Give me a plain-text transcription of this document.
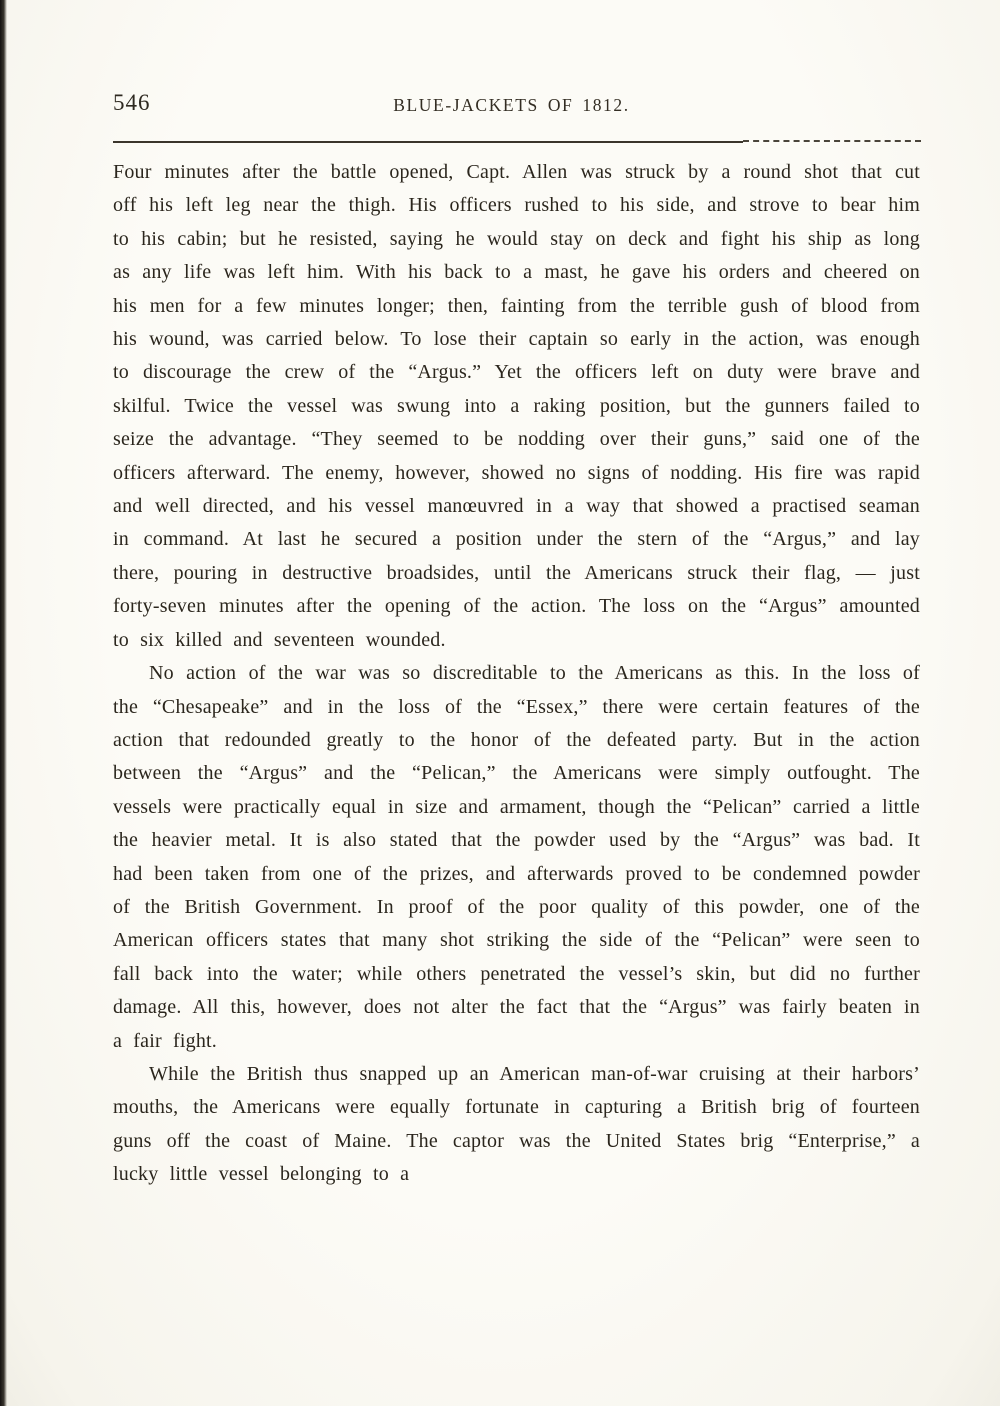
546	BLUE-JACKETS OF 1812.

Four minutes after the battle opened, Capt. Allen was struck by a round shot that cut off his left leg near the thigh. His officers rushed to his side, and strove to bear him to his cabin; but he resisted, saying he would stay on deck and fight his ship as long as any life was left him. With his back to a mast, he gave his orders and cheered on his men for a few minutes longer; then, fainting from the terrible gush of blood from his wound, was carried below. To lose their captain so early in the action, was enough to discourage the crew of the “Argus.” Yet the officers left on duty were brave and skilful. Twice the vessel was swung into a raking position, but the gunners failed to seize the advantage. “They seemed to be nodding over their guns,” said one of the officers afterward. The enemy, however, showed no signs of nodding. His fire was rapid and well directed, and his vessel manœuvred in a way that showed a practised seaman in command. At last he secured a position under the stern of the “Argus,” and lay there, pouring in destructive broadsides, until the Americans struck their flag, — just forty-seven minutes after the opening of the action. The loss on the “Argus” amounted to six killed and seventeen wounded.

No action of the war was so discreditable to the Americans as this. In the loss of the “Chesapeake” and in the loss of the “Essex,” there were certain features of the action that redounded greatly to the honor of the defeated party. But in the action between the “Argus” and the “Pelican,” the Americans were simply outfought. The vessels were practically equal in size and armament, though the “Pelican” carried a little the heavier metal. It is also stated that the powder used by the “Argus” was bad. It had been taken from one of the prizes, and afterwards proved to be condemned powder of the British Government. In proof of the poor quality of this powder, one of the American officers states that many shot striking the side of the “Pelican” were seen to fall back into the water; while others penetrated the vessel’s skin, but did no further damage. All this, however, does not alter the fact that the “Argus” was fairly beaten in a fair fight.

While the British thus snapped up an American man-of-war cruising at their harbors’ mouths, the Americans were equally fortunate in capturing a British brig of fourteen guns off the coast of Maine. The captor was the United States brig “Enterprise,” a lucky little vessel belonging to a
